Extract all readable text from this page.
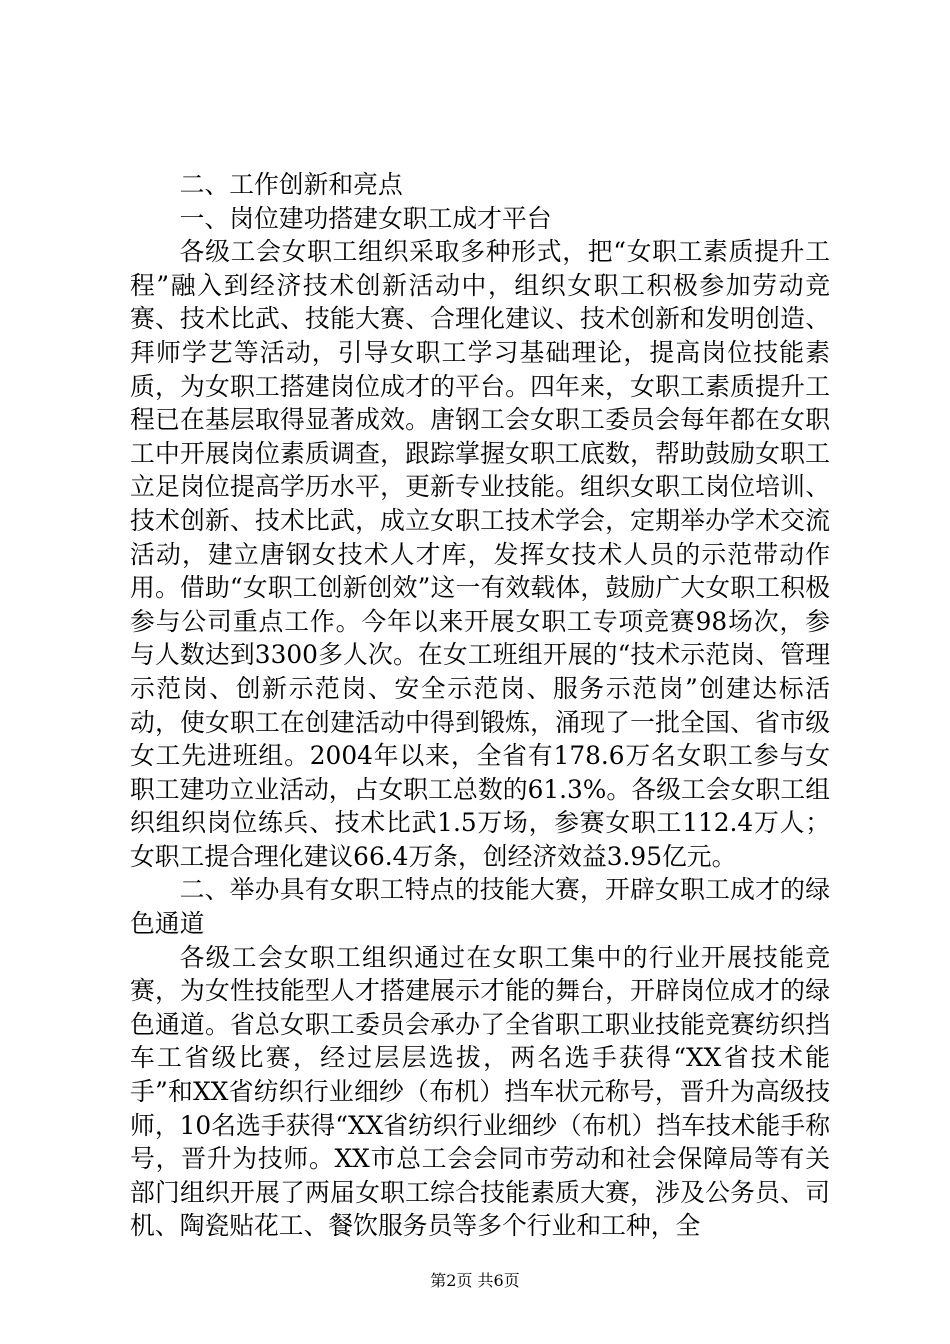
二、工作创新和亮点

一、岗位建功搭建女职工成才平台

各级工会女职工组织采取多种形式，把“女职工素质提升工程”融入到经济技术创新活动中，组织女职工积极参加劳动竞赛、技术比武、技能大赛、合理化建议、技术创新和发明创造、拜师学艺等活动，引导女职工学习基础理论，提高岗位技能素质，为女职工搭建岗位成才的平台。四年来，女职工素质提升工程已在基层取得显著成效。唐钢工会女职工委员会每年都在女职工中开展岗位素质调查，跟踪掌握女职工底数，帮助鼓励女职工立足岗位提高学历水平，更新专业技能。组织女职工岗位培训、技术创新、技术比武，成立女职工技术学会，定期举办学术交流活动，建立唐钢女技术人才库，发挥女技术人员的示范带动作用。借助“女职工创新创效”这一有效载体，鼓励广大女职工积极参与公司重点工作。今年以来开展女职工专项竞赛98场次，参与人数达到3300多人次。在女工班组开展的“技术示范岗、管理示范岗、创新示范岗、安全示范岗、服务示范岗”创建达标活动，使女职工在创建活动中得到锻炼，涌现了一批全国、省市级女工先进班组。2004年以来，全省有178.6万名女职工参与女职工建功立业活动，占女职工总数的61.3%。各级工会女职工组织组织岗位练兵、技术比武1.5万场，参赛女职工112.4万人；女职工提合理化建议66.4万条，创经济效益3.95亿元。

二、举办具有女职工特点的技能大赛，开辟女职工成才的绿色通道

各级工会女职工组织通过在女职工集中的行业开展技能竞赛，为女性技能型人才搭建展示才能的舞台，开辟岗位成才的绿色通道。省总女职工委员会承办了全省职工职业技能竞赛纺织挡车工省级比赛，经过层层选拔，两名选手获得“XX省技术能手”和XX省纺织行业细纱（布机）挡车状元称号，晋升为高级技师，10名选手获得“XX省纺织行业细纱（布机）挡车技术能手称号，晋升为技师。XX市总工会会同市劳动和社会保障局等有关部门组织开展了两届女职工综合技能素质大赛，涉及公务员、司机、陶瓷贴花工、餐饮服务员等多个行业和工种，全

第2页 共6页
